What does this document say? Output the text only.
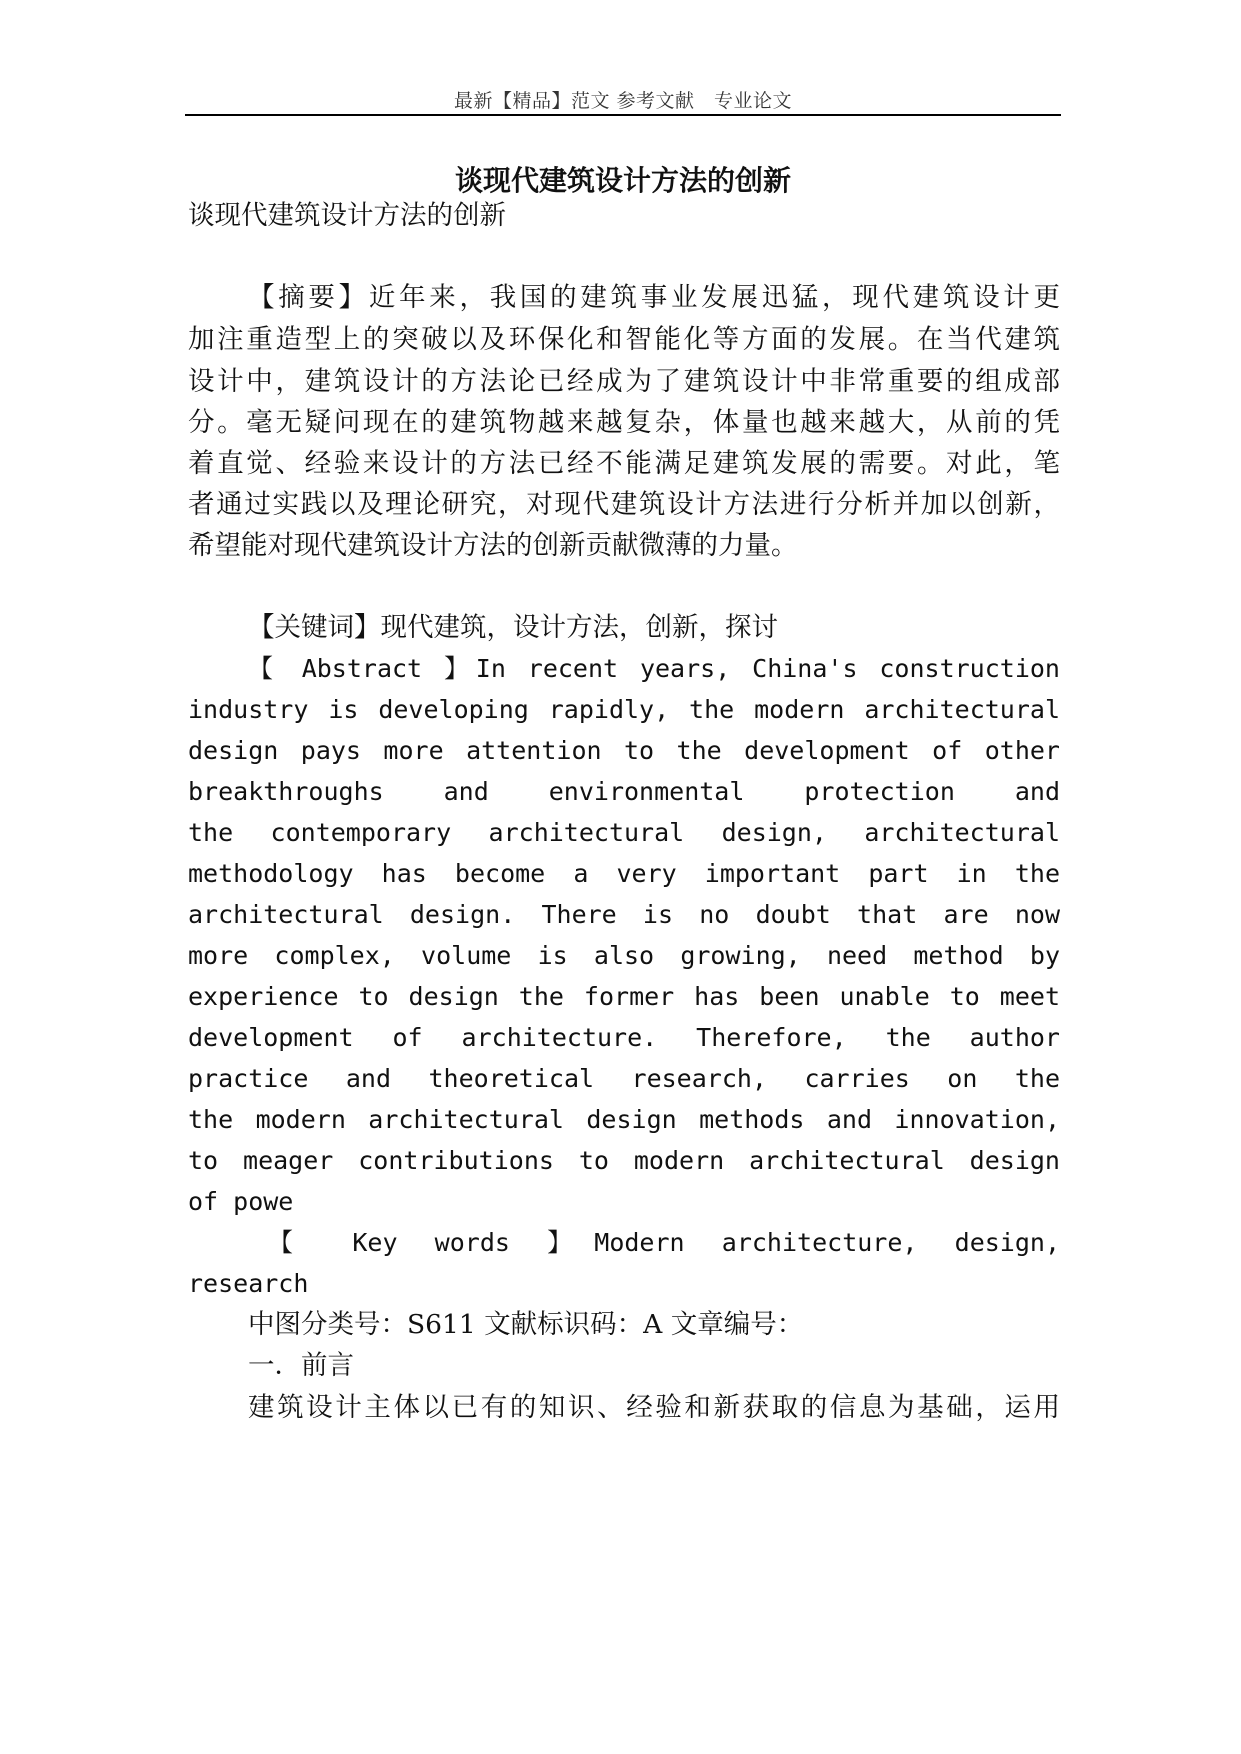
最新【精品】范文 参考文献　专业论文
谈现代建筑设计方法的创新
谈现代建筑设计方法的创新
【摘要】近年来，我国的建筑事业发展迅猛，现代建筑设计更
加注重造型上的突破以及环保化和智能化等方面的发展。在当代建筑
设计中，建筑设计的方法论已经成为了建筑设计中非常重要的组成部
分。毫无疑问现在的建筑物越来越复杂，体量也越来越大，从前的凭
着直觉、经验来设计的方法已经不能满足建筑发展的需要。对此，笔
者通过实践以及理论研究，对现代建筑设计方法进行分析并加以创新，
希望能对现代建筑设计方法的创新贡献微薄的力量。
【关键词】现代建筑，设计方法，创新，探讨
【 Abstract 】In recent years, China's construction
industry is developing rapidly, the modern architectural
design pays more attention to the development of other
breakthroughs and environmental protection and
the contemporary architectural design, architectural
methodology has become a very important part in the
architectural design. There is no doubt that are now
more complex, volume is also growing, need method by
experience to design the former has been unable to meet
development of architecture. Therefore, the author
practice and theoretical research, carries on the
the modern architectural design methods and innovation,
to meager contributions to modern architectural design
of powe
【 Key words 】Modern architecture, design,
research
中图分类号：S611 文献标识码：A 文章编号：
一．前言
建筑设计主体以已有的知识、经验和新获取的信息为基础，运用
